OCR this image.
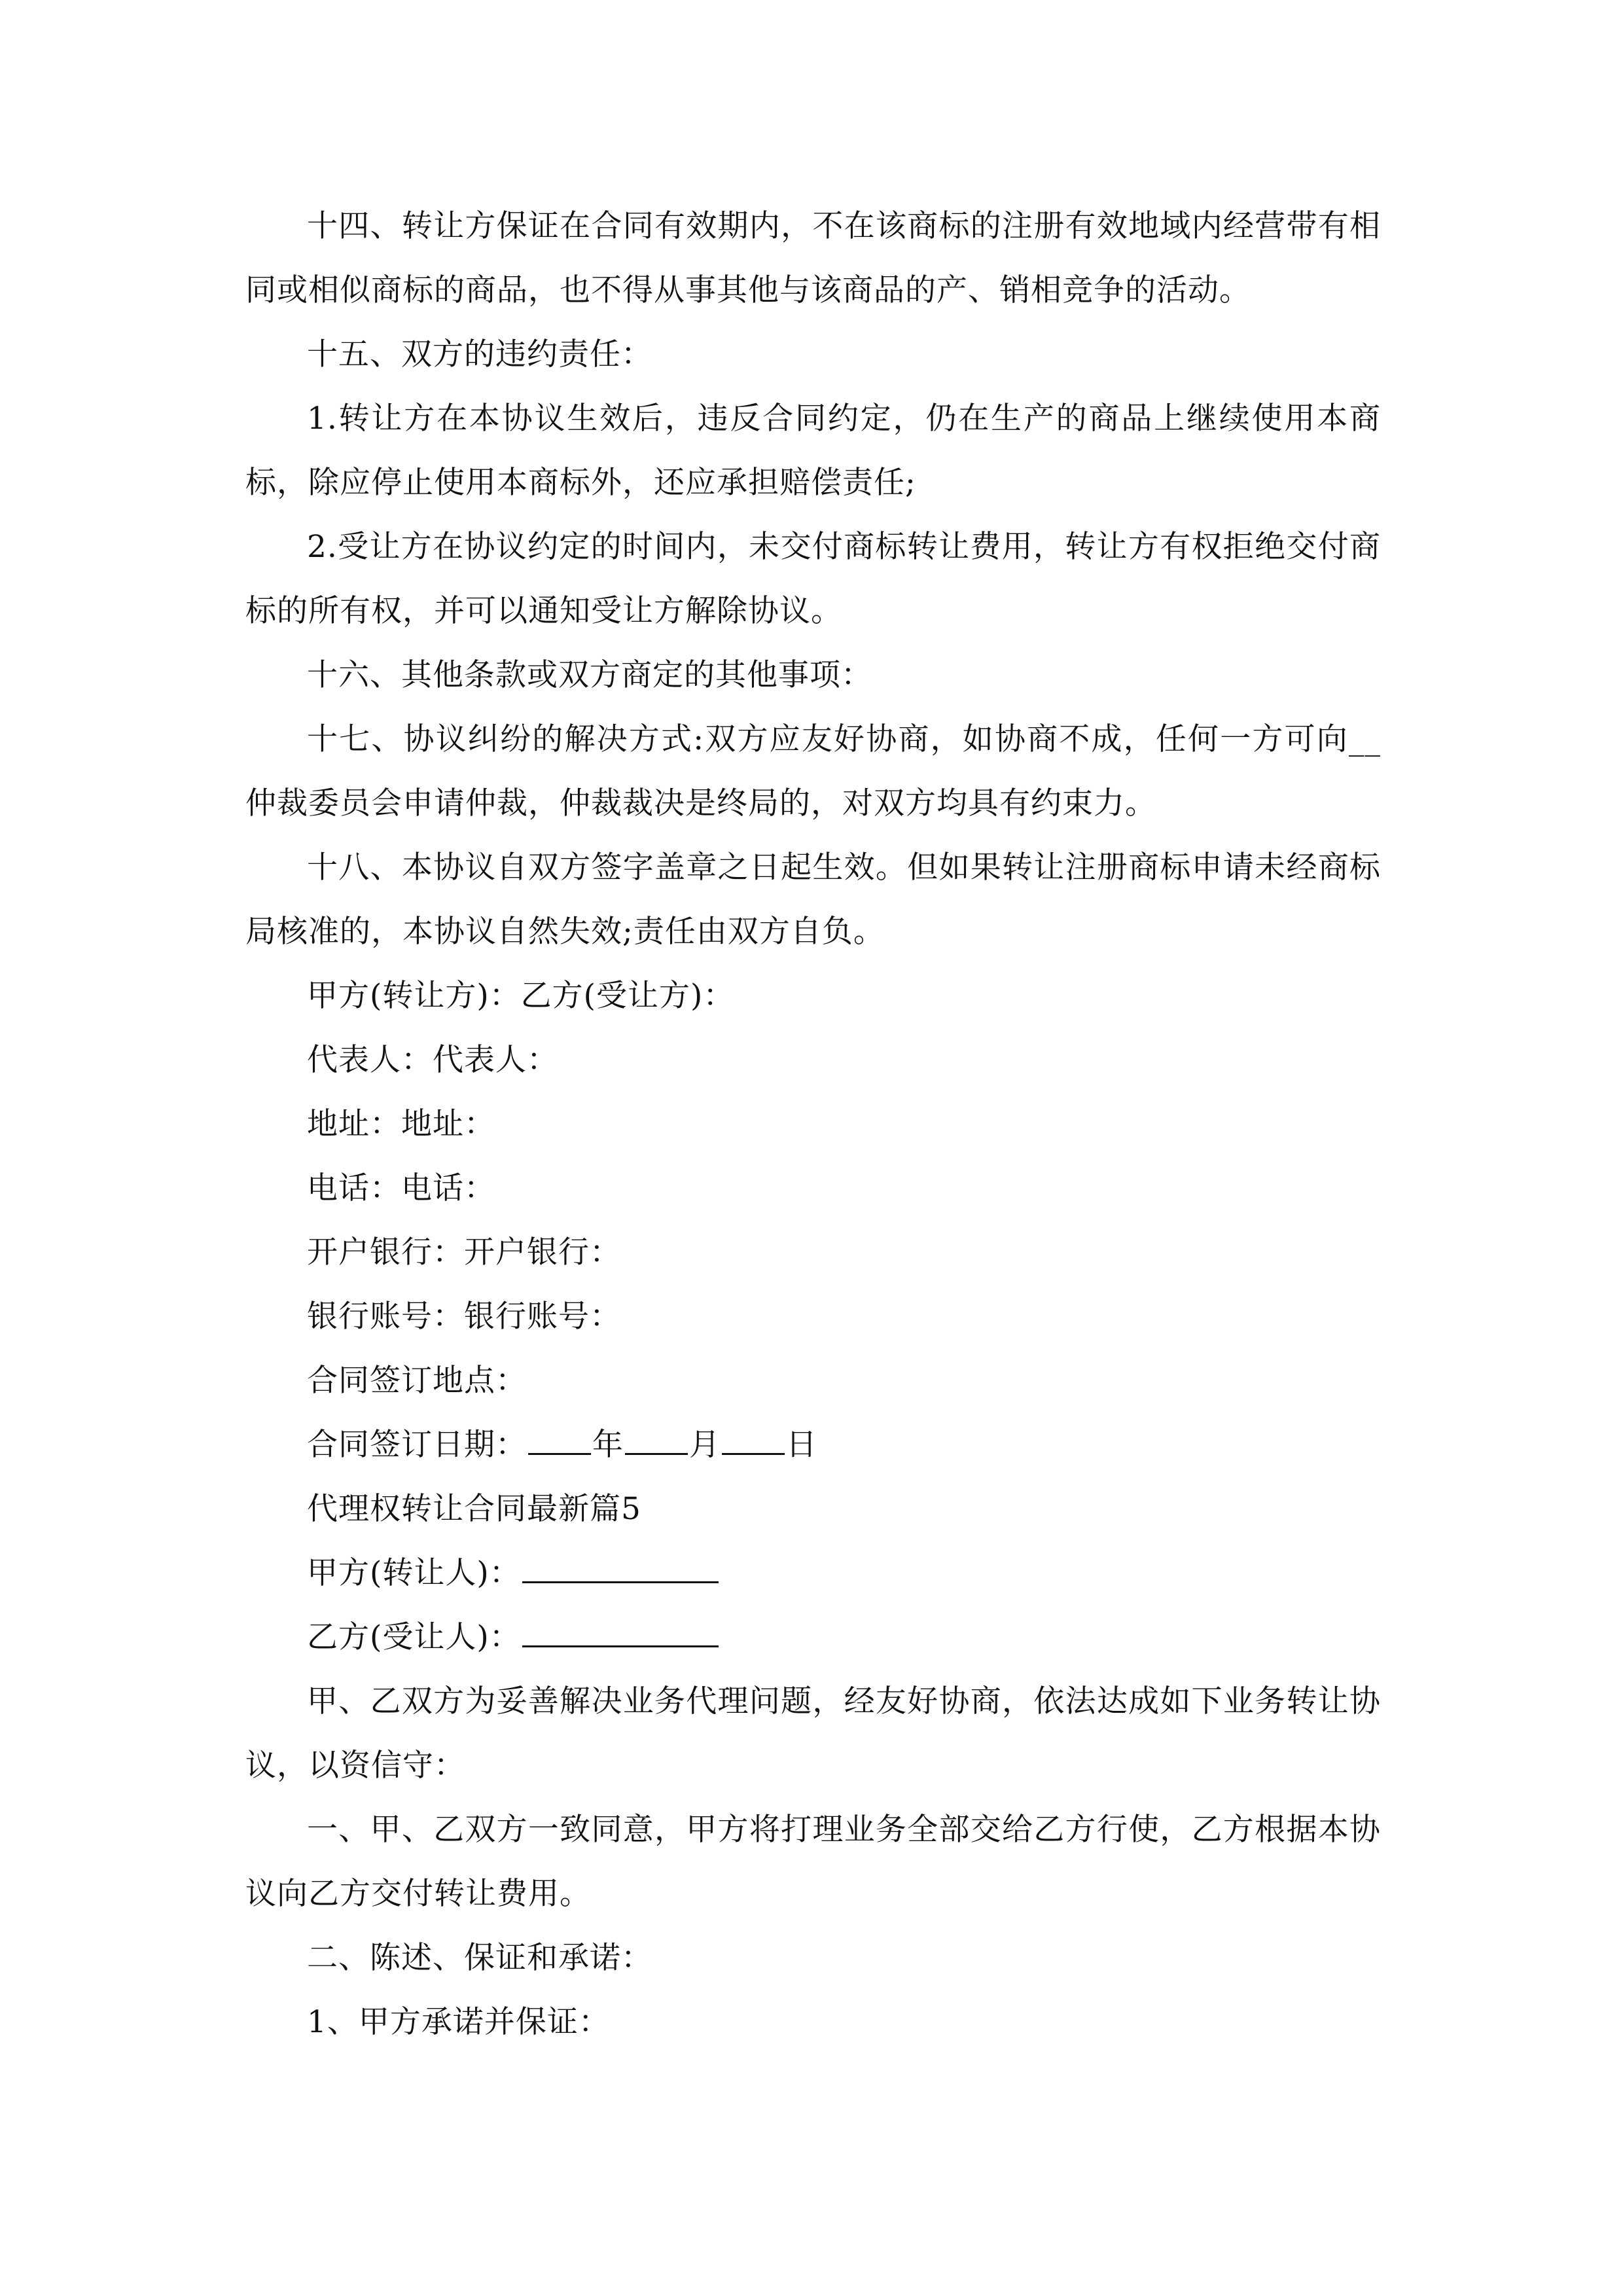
十四、转让方保证在合同有效期内，不在该商标的注册有效地域内经营带有相同或相似商标的商品，也不得从事其他与该商品的产、销相竞争的活动。

十五、双方的违约责任：

1.转让方在本协议生效后，违反合同约定，仍在生产的商品上继续使用本商标，除应停止使用本商标外，还应承担赔偿责任;

2.受让方在协议约定的时间内，未交付商标转让费用，转让方有权拒绝交付商标的所有权，并可以通知受让方解除协议。

十六、其他条款或双方商定的其他事项：

十七、协议纠纷的解决方式:双方应友好协商，如协商不成，任何一方可向__仲裁委员会申请仲裁，仲裁裁决是终局的，对双方均具有约束力。

十八、本协议自双方签字盖章之日起生效。但如果转让注册商标申请未经商标局核准的，本协议自然失效;责任由双方自负。

甲方(转让方)：乙方(受让方)：

代表人：代表人：

地址：地址：

电话：电话：

开户银行：开户银行：

银行账号：银行账号：

合同签订地点：

合同签订日期： 年 月 日

代理权转让合同最新篇5

甲方(转让人)：

乙方(受让人)：

甲、乙双方为妥善解决业务代理问题，经友好协商，依法达成如下业务转让协议，以资信守：

一、甲、乙双方一致同意，甲方将打理业务全部交给乙方行使，乙方根据本协议向乙方交付转让费用。

二、陈述、保证和承诺：

1、甲方承诺并保证：
